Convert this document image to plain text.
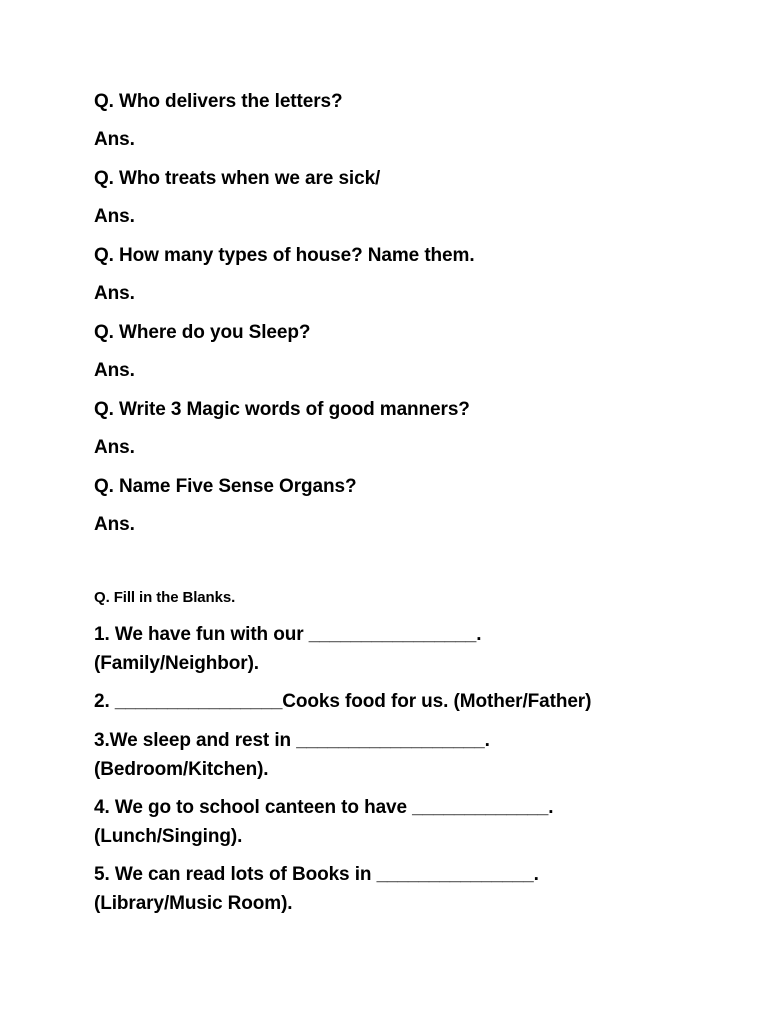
Q. Who delivers the letters?
Ans.
Q. Who treats when we are sick/
Ans.
Q. How many types of house? Name them.
Ans.
Q. Where do you Sleep?
Ans.
Q. Write 3 Magic words of good manners?
Ans.
Q. Name Five Sense Organs?
Ans.
Q. Fill in the Blanks.
1. We have fun with our ________________.
(Family/Neighbor).
2. ________________Cooks food for us. (Mother/Father)
3.We sleep and rest in __________________.
(Bedroom/Kitchen).
4. We go to school canteen to have _____________.
(Lunch/Singing).
5. We can read lots of Books in _______________.
(Library/Music Room).
